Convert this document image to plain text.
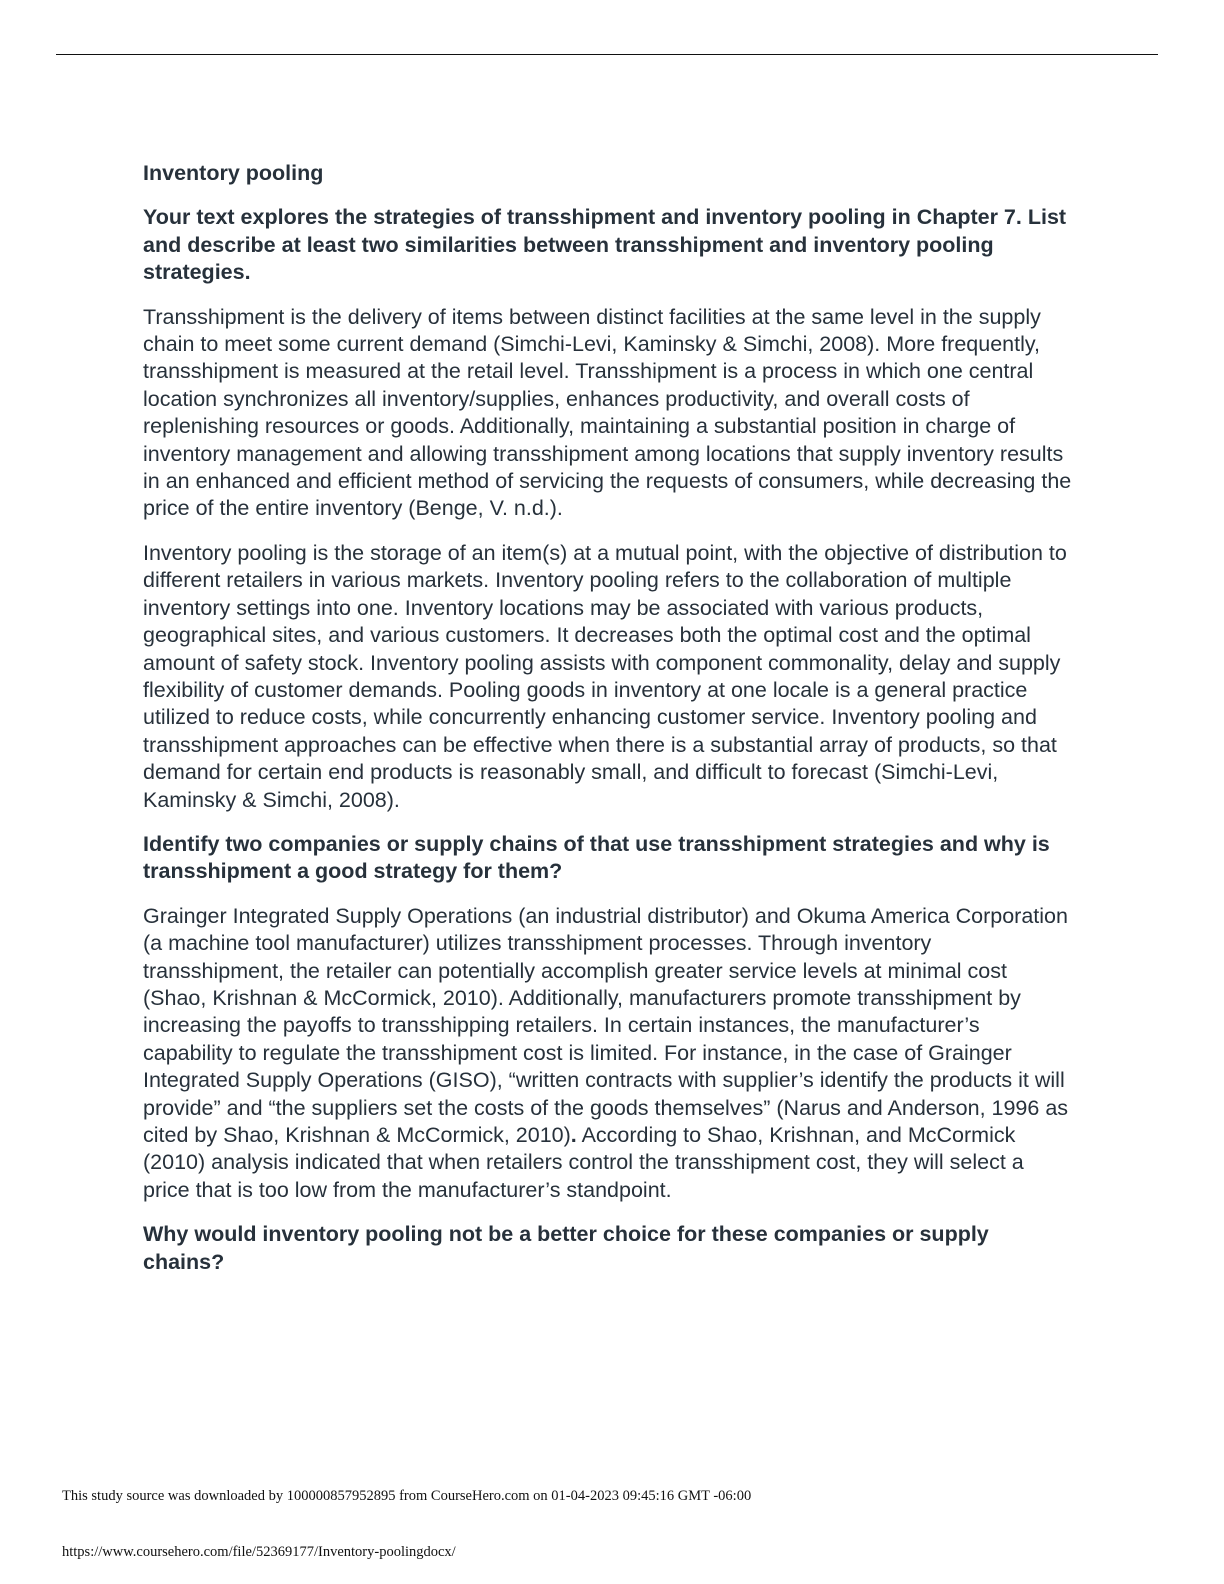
Inventory pooling

Your text explores the strategies of transshipment and inventory pooling in Chapter 7. List and describe at least two similarities between transshipment and inventory pooling strategies.

Transshipment is the delivery of items between distinct facilities at the same level in the supply chain to meet some current demand (Simchi-Levi, Kaminsky & Simchi, 2008). More frequently, transshipment is measured at the retail level. Transshipment is a process in which one central location synchronizes all inventory/supplies, enhances productivity, and overall costs of replenishing resources or goods. Additionally, maintaining a substantial position in charge of inventory management and allowing transshipment among locations that supply inventory results in an enhanced and efficient method of servicing the requests of consumers, while decreasing the price of the entire inventory (Benge, V. n.d.).

Inventory pooling is the storage of an item(s) at a mutual point, with the objective of distribution to different retailers in various markets. Inventory pooling refers to the collaboration of multiple inventory settings into one. Inventory locations may be associated with various products, geographical sites, and various customers. It decreases both the optimal cost and the optimal amount of safety stock. Inventory pooling assists with component commonality, delay and supply flexibility of customer demands. Pooling goods in inventory at one locale is a general practice utilized to reduce costs, while concurrently enhancing customer service. Inventory pooling and transshipment approaches can be effective when there is a substantial array of products, so that demand for certain end products is reasonably small, and difficult to forecast (Simchi-Levi, Kaminsky & Simchi, 2008).

Identify two companies or supply chains of that use transshipment strategies and why is transshipment a good strategy for them?

Grainger Integrated Supply Operations (an industrial distributor) and Okuma America Corporation (a machine tool manufacturer) utilizes transshipment processes. Through inventory transshipment, the retailer can potentially accomplish greater service levels at minimal cost (Shao, Krishnan & McCormick, 2010). Additionally, manufacturers promote transshipment by increasing the payoffs to transshipping retailers. In certain instances, the manufacturer’s capability to regulate the transshipment cost is limited. For instance, in the case of Grainger Integrated Supply Operations (GISO), “written contracts with supplier’s identify the products it will provide” and “the suppliers set the costs of the goods themselves” (Narus and Anderson, 1996 as cited by Shao, Krishnan & McCormick, 2010). According to Shao, Krishnan, and McCormick (2010) analysis indicated that when retailers control the transshipment cost, they will select a price that is too low from the manufacturer’s standpoint.

Why would inventory pooling not be a better choice for these companies or supply chains?

This study source was downloaded by 100000857952895 from CourseHero.com on 01-04-2023 09:45:16 GMT -06:00
https://www.coursehero.com/file/52369177/Inventory-poolingdocx/
